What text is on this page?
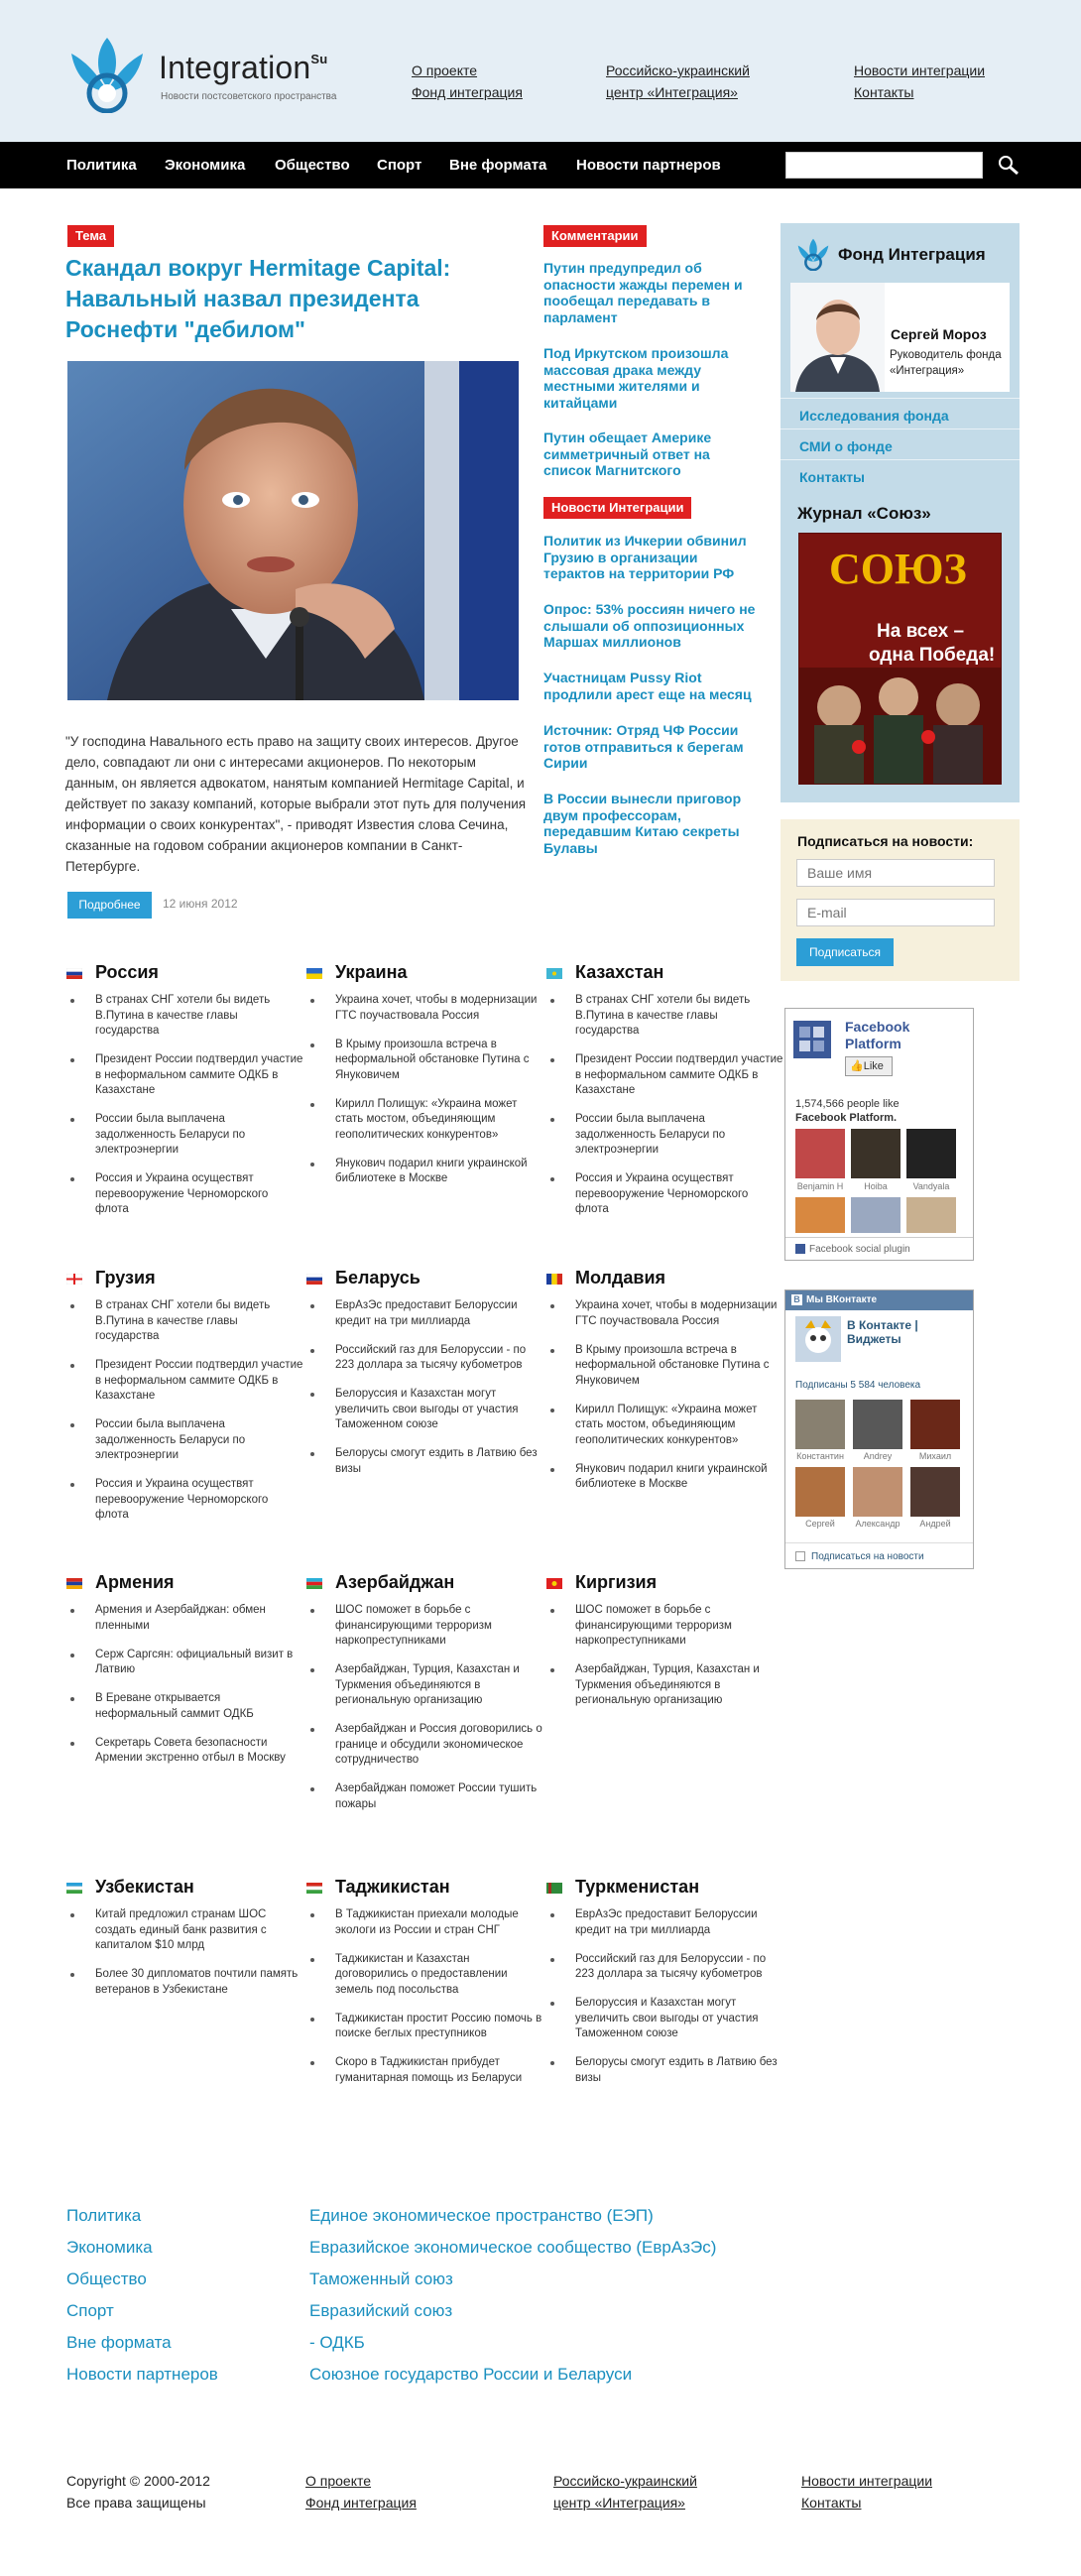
Integration$^{Su}$
Новости постсоветского пространства
О проекте
Фонд интеграция
Российско-украинский
центр «Интеграция»
Новости интеграции
Контакты
Политика Экономика Общество Спорт Вне формата Новости партнеров
Тема
Скандал вокруг Hermitage Capital: Навальный назвал президента Роснефти "дебилом"
"У господина Навального есть право на защиту своих интересов. Другое дело, совпадают ли они с интересами акционеров. По некоторым данным, он является адвокатом, нанятым компанией Hermitage Capital, и действует по заказу компаний, которые выбрали этот путь для получения информации о своих конкурентах", - приводят Известия слова Сечина, сказанные на годовом собрании акционеров компании в Санкт-Петербурге.
Подробнее	12 июня 2012
Комментарии
Путин предупредил об опасности жажды перемен и пообещал передавать в парламент
Под Иркутском произошла массовая драка между местными жителями и китайцами
Путин обещает Америке симметричный ответ на список Магнитского
Новости Интеграции
Политик из Ичкерии обвинил Грузию в организации терактов на территории РФ
Опрос: 53% россиян ничего не слышали об оппозиционных Маршах миллионов
Участницам Pussy Riot продлили арест еще на месяц
Источник: Отряд ЧФ России готов отправиться к берегам Сирии
В России вынесли приговор двум профессорам, передавшим Китаю секреты Булавы
Фонд Интеграция
Сергей Мороз
Руководитель фонда
«Интеграция»
Исследования фонда
СМИ о фонде
Контакты
Журнал «Союз»
СОЮЗ
На всех –
одна Победа!
Подписаться на новости:
Ваше имя
E-mail
Подписаться
Facebook
Platform
👍Like
1,574,566 people like
Facebook Platform.
Benjamin H	Hoiba	Vandyala
Facebook social plugin
В Мы ВКонтакте
В Контакте | Виджеты
Подписаны 5 584 человека
Константин	Andrey	Михаил
Сергей	Александр	Андрей
Подписаться на новости
Россия
В странах СНГ хотели бы видеть В.Путина в качестве главы государства
Президент России подтвердил участие в неформальном саммите ОДКБ в Казахстане
России была выплачена задолженность Беларуси по электроэнергии
Россия и Украина осуществят перевооружение Черноморского флота
Украина
Украина хочет, чтобы в модернизации ГТС поучаствовала Россия
В Крыму произошла встреча в неформальной обстановке Путина с Януковичем
Кирилл Полищук: «Украина может стать мостом, объединяющим геополитических конкурентов»
Янукович подарил книги украинской библиотеке в Москве
Казахстан
В странах СНГ хотели бы видеть В.Путина в качестве главы государства
Президент России подтвердил участие в неформальном саммите ОДКБ в Казахстане
России была выплачена задолженность Беларуси по электроэнергии
Россия и Украина осуществят перевооружение Черноморского флота
Грузия
В странах СНГ хотели бы видеть В.Путина в качестве главы государства
Президент России подтвердил участие в неформальном саммите ОДКБ в Казахстане
России была выплачена задолженность Беларуси по электроэнергии
Россия и Украина осуществят перевооружение Черноморского флота
Беларусь
ЕврАзЭс предоставит Белоруссии кредит на три миллиарда
Российский газ для Белоруссии - по 223 доллара за тысячу кубометров
Белоруссия и Казахстан могут увеличить свои выгоды от участия Таможенном союзе
Белорусы смогут ездить в Латвию без визы
Молдавия
Украина хочет, чтобы в модернизации ГТС поучаствовала Россия
В Крыму произошла встреча в неформальной обстановке Путина с Януковичем
Кирилл Полищук: «Украина может стать мостом, объединяющим геополитических конкурентов»
Янукович подарил книги украинской библиотеке в Москве
Армения
Армения и Азербайджан: обмен пленными
Серж Саргсян: официальный визит в Латвию
В Ереване открывается неформальный саммит ОДКБ
Секретарь Совета безопасности Армении экстренно отбыл в Москву
Азербайджан
ШОС поможет в борьбе с финансирующими терроризм наркопреступниками
Азербайджан, Турция, Казахстан и Туркмения объединяются в региональную организацию
Азербайджан и Россия договорились о границе и обсудили экономическое сотрудничество
Азербайджан поможет России тушить пожары
Киргизия
ШОС поможет в борьбе с финансирующими терроризм наркопреступниками
Азербайджан, Турция, Казахстан и Туркмения объединяются в региональную организацию
Узбекистан
Китай предложил странам ШОС создать единый банк развития с капиталом $10 млрд
Более 30 дипломатов почтили память ветеранов в Узбекистане
Таджикистан
В Таджикистан приехали молодые экологи из России и стран СНГ
Таджикистан и Казахстан договорились о предоставлении земель под посольства
Таджикистан простит Россию помочь в поиске беглых преступников
Скоро в Таджикистан прибудет гуманитарная помощь из Беларуси
Туркменистан
ЕврАзЭс предоставит Белоруссии кредит на три миллиарда
Российский газ для Белоруссии - по 223 доллара за тысячу кубометров
Белоруссия и Казахстан могут увеличить свои выгоды от участия Таможенном союзе
Белорусы смогут ездить в Латвию без визы
Политика
Экономика
Общество
Спорт
Вне формата
Новости партнеров
Единое экономическое пространство (ЕЭП)
Евразийское экономическое сообщество (ЕврАзЭс)
Таможенный союз
Евразийский союз
- ОДКБ
Союзное государство России и Беларуси
Copyright © 2000-2012
Все права защищены
О проекте
Фонд интеграция
Российско-украинский
центр «Интеграция»
Новости интеграции
Контакты
